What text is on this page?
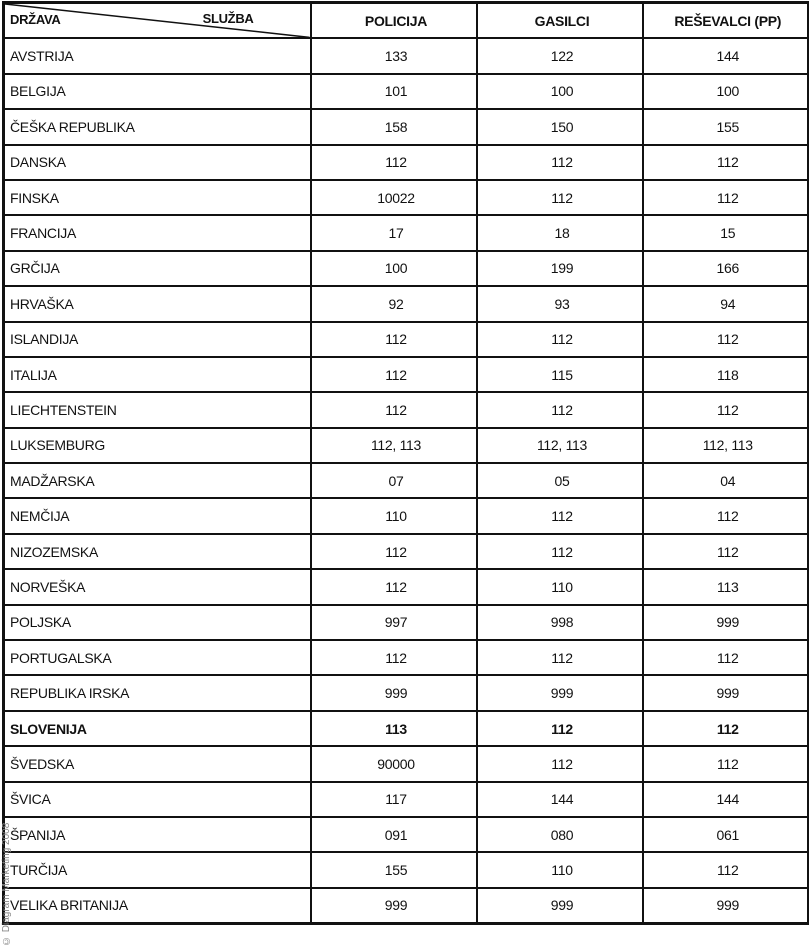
SLUŽBA
DRŽAVA	POLICIJA	GASILCI	REŠEVALCI (PP)
AVSTRIJA	133	122	144
BELGIJA	101	100	100
ČEŠKA REPUBLIKA	158	150	155
DANSKA	112	112	112
FINSKA	10022	112	112
FRANCIJA	17	18	15
GRČIJA	100	199	166
HRVAŠKA	92	93	94
ISLANDIJA	112	112	112
ITALIJA	112	115	118
LIECHTENSTEIN	112	112	112
LUKSEMBURG	112, 113	112, 113	112, 113
MADŽARSKA	07	05	04
NEMČIJA	110	112	112
NIZOZEMSKA	112	112	112
NORVEŠKA	112	110	113
POLJSKA	997	998	999
PORTUGALSKA	112	112	112
REPUBLIKA IRSKA	999	999	999
SLOVENIJA	113	112	112
ŠVEDSKA	90000	112	112
ŠVICA	117	144	144
ŠPANIJA	091	080	061
TURČIJA	155	110	112
VELIKA BRITANIJA	999	999	999
© Diagram Marketing 2008
